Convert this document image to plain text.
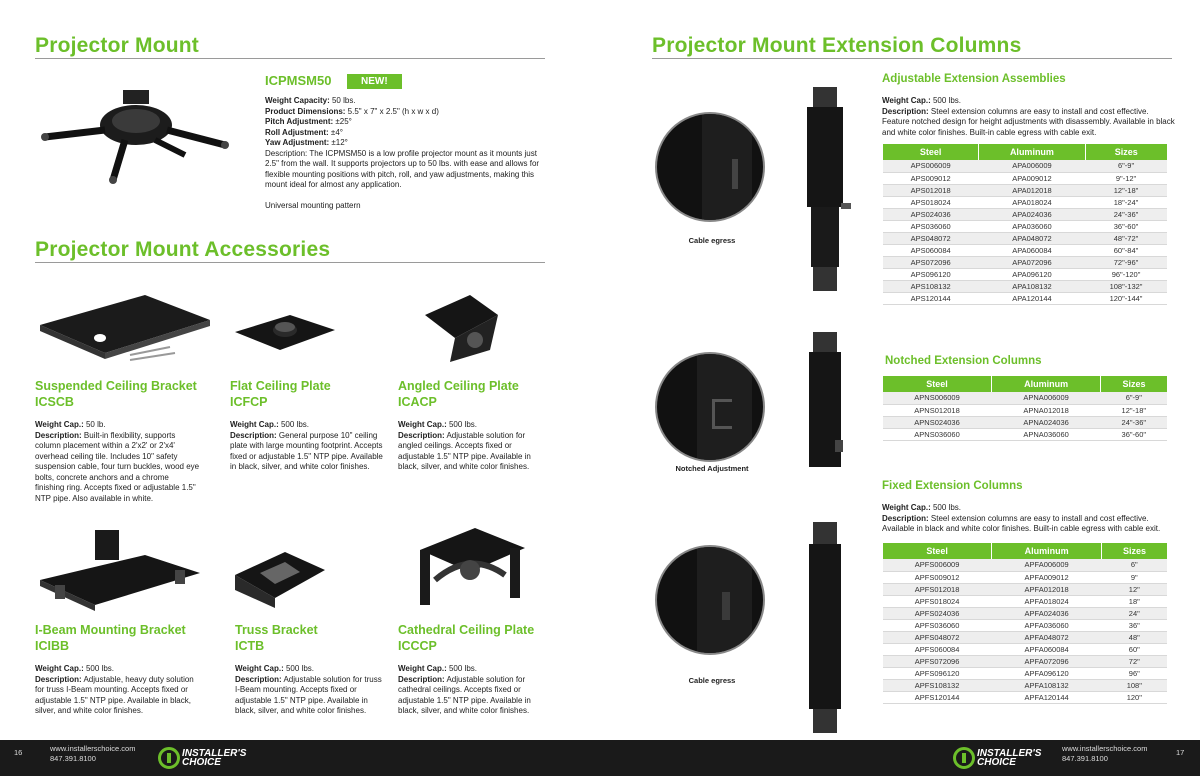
Projector Mount
ICPMSM50	NEW!
Weight Capacity: 50 lbs.
Product Dimensions: 5.5" x 7" x 2.5" (h x w x d)
Pitch Adjustment: ±25°
Roll Adjustment: ±4°
Yaw Adjustment: ±12°
Description: The ICPMSM50 is a low profile projector mount as it mounts just 2.5" from the wall. It supports projectors up to 50 lbs. with ease and allows for flexible mounting positions with pitch, roll, and yaw adjustments, making this mount ideal for almost any application.
Universal mounting pattern
Projector Mount Accessories
Suspended Ceiling Bracket
ICSCB
Weight Cap.: 50 lb.
Description: Built-in flexibility, supports column placement within a 2'x2' or 2'x4' overhead ceiling tile. Includes 10" safety suspension cable, four turn buckles, wood eye bolts, concrete anchors and a chrome finishing ring. Accepts fixed or adjustable 1.5" NTP pipe. Also available in white.
Flat Ceiling Plate
ICFCP
Weight Cap.: 500 lbs.
Description: General purpose 10" ceiling plate with large mounting footprint. Accepts fixed or adjustable 1.5" NTP pipe. Available in black, silver, and white color finishes.
Angled Ceiling Plate
ICACP
Weight Cap.: 500 lbs.
Description: Adjustable solution for angled ceilings. Accepts fixed or adjustable 1.5" NTP pipe. Available in black, silver, and white color finishes.
I-Beam Mounting Bracket
ICIBB
Weight Cap.: 500 lbs.
Description: Adjustable, heavy duty solution for truss I-Beam mounting. Accepts fixed or adjustable 1.5" NTP pipe. Available in black, silver, and white color finishes.
Truss Bracket
ICTB
Weight Cap.: 500 lbs.
Description: Adjustable solution for truss I-Beam mounting. Accepts fixed or adjustable 1.5" NTP pipe. Available in black, silver, and white color finishes.
Cathedral Ceiling Plate
ICCCP
Weight Cap.: 500 lbs.
Description: Adjustable solution for cathedral ceilings. Accepts fixed or adjustable 1.5" NTP pipe. Available in black, silver, and white color finishes.
Projector Mount Extension Columns
Cable egress
Adjustable Extension Assemblies
Weight Cap.: 500 lbs.
Description: Steel extension columns are easy to install and cost effective. Feature notched design for height adjustments with disassembly. Available in black and white color finishes. Built-in cable egress with cable exit.
Steel	Aluminum	Sizes
APS006009	APA006009	6"-9"
APS009012	APA009012	9"-12"
APS012018	APA012018	12"-18"
APS018024	APA018024	18"-24"
APS024036	APA024036	24"-36"
APS036060	APA036060	36"-60"
APS048072	APA048072	48"-72"
APS060084	APA060084	60"-84"
APS072096	APA072096	72"-96"
APS096120	APA096120	96"-120"
APS108132	APA108132	108"-132"
APS120144	APA120144	120"-144"
Notched Adjustment
Notched Extension Columns
Steel	Aluminum	Sizes
APNS006009	APNA006009	6"-9"
APNS012018	APNA012018	12"-18"
APNS024036	APNA024036	24"-36"
APNS036060	APNA036060	36"-60"
Cable egress
Fixed Extension Columns
Weight Cap.: 500 lbs.
Description: Steel extension columns are easy to install and cost effective. Available in black and white color finishes. Built-in cable egress with cable exit.
Steel	Aluminum	Sizes
APFS006009	APFA006009	6"
APFS009012	APFA009012	9"
APFS012018	APFA012018	12"
APFS018024	APFA018024	18"
APFS024036	APFA024036	24"
APFS036060	APFA036060	36"
APFS048072	APFA048072	48"
APFS060084	APFA060084	60"
APFS072096	APFA072096	72"
APFS096120	APFA096120	96"
APFS108132	APFA108132	108"
APFS120144	APFA120144	120"
16	www.installerschoice.com
847.391.8100	INSTALLER'S
CHOICE
INSTALLER'S
CHOICE
www.installerschoice.com
847.391.8100
17
